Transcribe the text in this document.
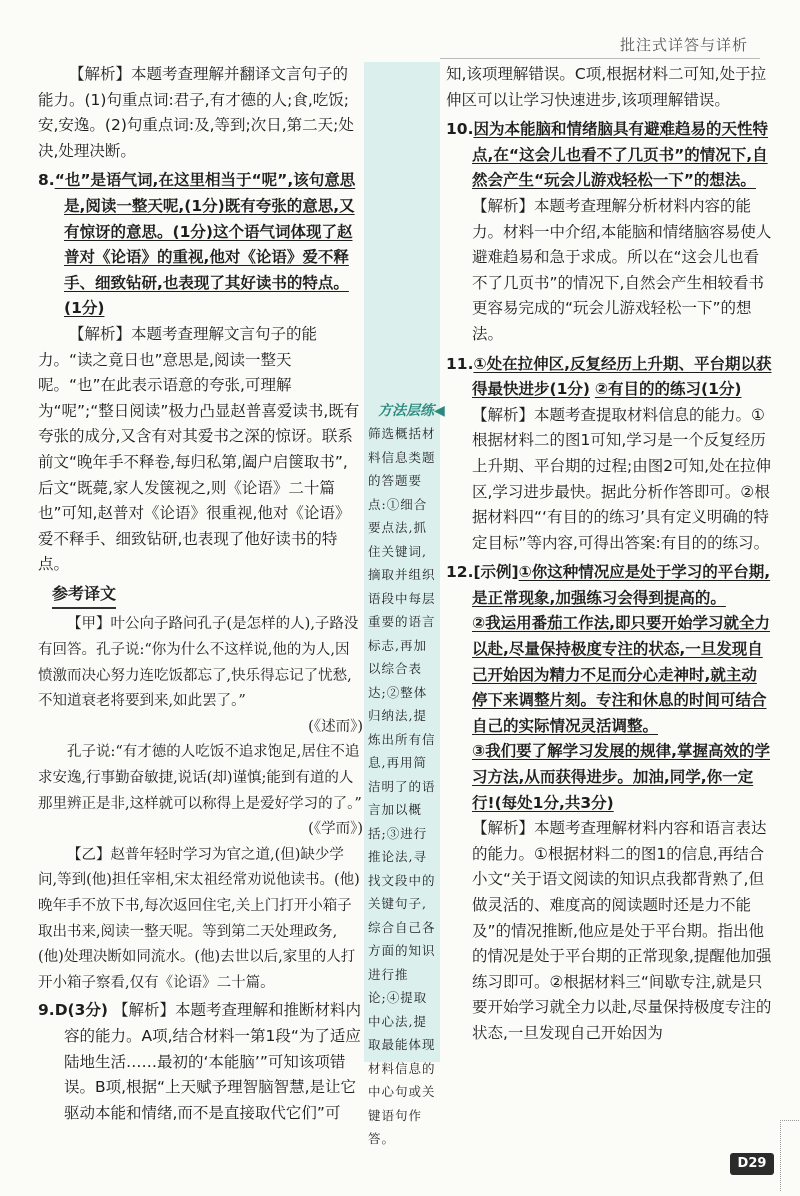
批注式详答与详析

【解析】本题考查理解并翻译文言句子的能力。(1)句重点词:君子,有才德的人;食,吃饭;安,安逸。(2)句重点词:及,等到;次日,第二天;处决,处理决断。

8.“也”是语气词,在这里相当于“呢”,该句意思是,阅读一整天呢,(1分)既有夸张的意思,又有惊讶的意思。(1分)这个语气词体现了赵普对《论语》的重视,他对《论语》爱不释手、细致钻研,也表现了其好读书的特点。(1分)

【解析】本题考查理解文言句子的能力。“读之竟日也”意思是,阅读一整天呢。“也”在此表示语意的夸张,可理解为“呢”;“整日阅读”极力凸显赵普喜爱读书,既有夸张的成分,又含有对其爱书之深的惊讶。联系前文“晚年手不释卷,每归私第,阖户启箧取书”,后文“既薨,家人发箧视之,则《论语》二十篇也”可知,赵普对《论语》很重视,他对《论语》爱不释手、细致钻研,也表现了他好读书的特点。

参考译文

【甲】叶公向子路问孔子(是怎样的人),子路没有回答。孔子说:“你为什么不这样说,他的为人,因愤激而决心努力连吃饭都忘了,快乐得忘记了忧愁,不知道衰老将要到来,如此罢了。”

(《述而》)

孔子说:“有才德的人吃饭不追求饱足,居住不追求安逸,行事勤奋敏捷,说话(却)谨慎;能到有道的人那里辨正是非,这样就可以称得上是爱好学习的了。”

(《学而》)

【乙】赵普年轻时学习为官之道,(但)缺少学问,等到(他)担任宰相,宋太祖经常劝说他读书。(他)晚年手不放下书,每次返回住宅,关上门打开小箱子取出书来,阅读一整天呢。等到第二天处理政务,(他)处理决断如同流水。(他)去世以后,家里的人打开小箱子察看,仅有《论语》二十篇。

9.D(3分) 【解析】本题考查理解和推断材料内容的能力。A项,结合材料一第1段“为了适应陆地生活……最初的‘本能脑’”可知该项错误。B项,根据“上天赋予理智脑智慧,是让它驱动本能和情绪,而不是直接取代它们”可

方法层练◀
筛选概括材料信息类题的答题要点:①细合要点法,抓住关键词,摘取并组织语段中每层重要的语言标志,再加以综合表达;②整体归纳法,提炼出所有信息,再用简洁明了的语言加以概括;③进行推论法,寻找文段中的关键句子,综合自己各方面的知识进行推论;④提取中心法,提取最能体现材料信息的中心句或关键语句作答。

知,该项理解错误。C项,根据材料二可知,处于拉伸区可以让学习快速进步,该项理解错误。

10.因为本能脑和情绪脑具有避难趋易的天性特点,在“这会儿也看不了几页书”的情况下,自然会产生“玩会儿游戏轻松一下”的想法。

【解析】本题考查理解分析材料内容的能力。材料一中介绍,本能脑和情绪脑容易使人避难趋易和急于求成。所以在“这会儿也看不了几页书”的情况下,自然会产生相较看书更容易完成的“玩会儿游戏轻松一下”的想法。

11.①处在拉伸区,反复经历上升期、平台期以获得最快进步(1分) ②有目的的练习(1分)

【解析】本题考查提取材料信息的能力。①根据材料二的图1可知,学习是一个反复经历上升期、平台期的过程;由图2可知,处在拉伸区,学习进步最快。据此分析作答即可。②根据材料四“‘有目的的练习’具有定义明确的特定目标”等内容,可得出答案:有目的的练习。

12.[示例]①你这种情况应是处于学习的平台期,是正常现象,加强练习会得到提高的。

②我运用番茄工作法,即只要开始学习就全力以赴,尽量保持极度专注的状态,一旦发现自己开始因为精力不足而分心走神时,就主动停下来调整片刻。专注和休息的时间可结合自己的实际情况灵活调整。

③我们要了解学习发展的规律,掌握高效的学习方法,从而获得进步。加油,同学,你一定行!(每处1分,共3分)

【解析】本题考查理解材料内容和语言表达的能力。①根据材料二的图1的信息,再结合小文“关于语文阅读的知识点我都背熟了,但做灵活的、难度高的阅读题时还是力不能及”的情况推断,他应是处于平台期。指出他的情况是处于平台期的正常现象,提醒他加强练习即可。②根据材料三“间歇专注,就是只要开始学习就全力以赴,尽量保持极度专注的状态,一旦发现自己开始因为

D29
